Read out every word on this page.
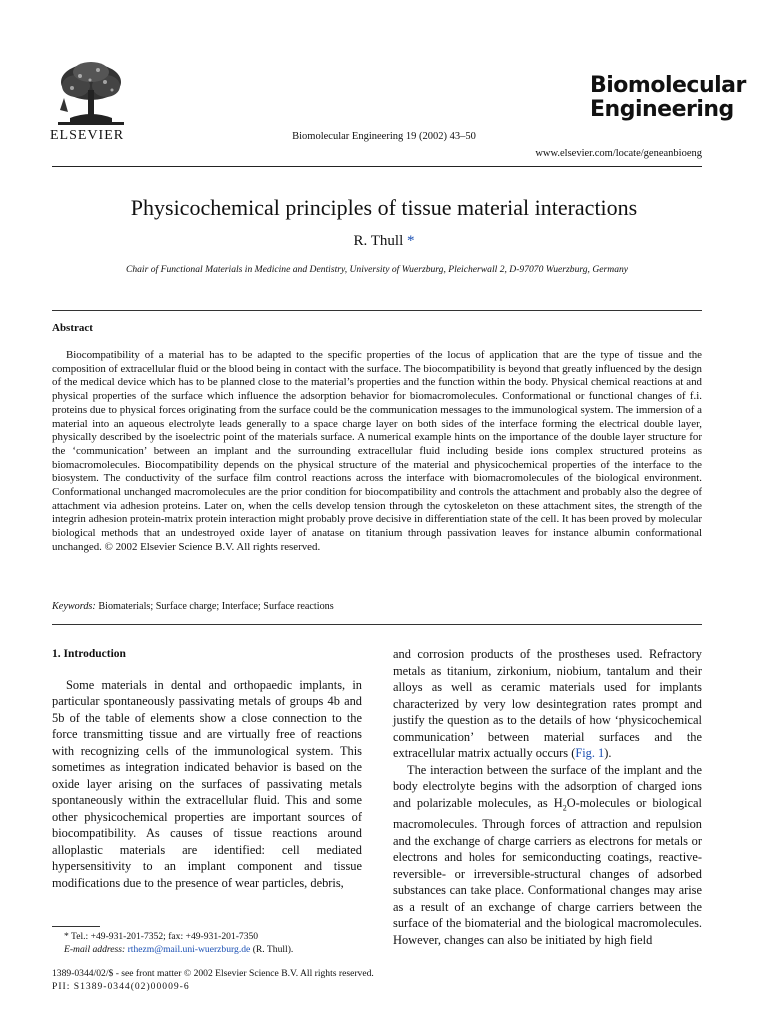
ELSEVIER	Biomolecular Engineering 19 (2002) 43–50
Biomolecular
Engineering
www.elsevier.com/locate/geneanbioeng
Physicochemical principles of tissue material interactions
R. Thull *
Chair of Functional Materials in Medicine and Dentistry, University of Wuerzburg, Pleicherwall 2, D-97070 Wuerzburg, Germany
Abstract
Biocompatibility of a material has to be adapted to the specific properties of the locus of application that are the type of tissue and the composition of extracellular fluid or the blood being in contact with the surface. The biocompatibility is beyond that greatly influenced by the design of the medical device which has to be planned close to the material’s properties and the function within the body. Physical chemical reactions at and physical properties of the surface which influence the adsorption behavior for biomacromolecules. Conformational or functional changes of f.i. proteins due to physical forces originating from the surface could be the communication messages to the immunological system. The immersion of a material into an aqueous electrolyte leads generally to a space charge layer on both sides of the interface forming the electrical double layer, physically described by the isoelectric point of the materials surface. A numerical example hints on the importance of the double layer structure for the ‘communication’ between an implant and the surrounding extracellular fluid including beside ions complex structured proteins as biomacromolecules. Biocompatibility depends on the physical structure of the material and physicochemical properties of the interface to the biosystem. The conductivity of the surface film control reactions across the interface with biomacromolecules of the biological environment. Conformational unchanged macromolecules are the prior condition for biocompatibility and controls the attachment and probably also the degree of attachment via adhesion proteins. Later on, when the cells develop tension through the cytoskeleton on these attachment sites, the strength of the integrin adhesion protein-matrix protein interaction might probably prove decisive in differentiation state of the cell. It has been proved by molecular biological methods that an undestroyed oxide layer of anatase on titanium through passivation leaves for instance albumin conformational unchanged. © 2002 Elsevier Science B.V. All rights reserved.
Keywords: Biomaterials; Surface charge; Interface; Surface reactions
1. Introduction

Some materials in dental and orthopaedic implants, in particular spontaneously passivating metals of groups 4b and 5b of the table of elements show a close connection to the force transmitting tissue and are virtually free of reactions with recognizing cells of the immunological system. This sometimes as integration indicated behavior is based on the oxide layer arising on the surfaces of passivating metals spontaneously within the extracellular fluid. This and some other physicochemical properties are important sources of biocompatibility. As causes of tissue reactions around alloplastic materials are identified: cell mediated hypersensitivity to an implant component and tissue modifications due to the presence of wear particles, debris,

and corrosion products of the prostheses used. Refractory metals as titanium, zirkonium, niobium, tantalum and their alloys as well as ceramic materials used for implants characterized by very low desintegration rates prompt and justify the question as to the details of how ‘physicochemical communication’ between material surfaces and the extracellular matrix actually occurs (Fig. 1).

The interaction between the surface of the implant and the body electrolyte begins with the adsorption of charged ions and polarizable molecules, as $H_2O$-molecules or biological macromolecules. Through forces of attraction and repulsion and the exchange of charge carriers as electrons for metals or electrons and holes for semiconducting coatings, reactive-reversible- or irreversible-structural changes of adsorbed substances can take place. Conformational changes may arise as a result of an exchange of charge carriers between the surface of the biomaterial and the biological macromolecules. However, changes can also be initiated by high field

* Tel.: +49-931-201-7352; fax: +49-931-201-7350
E-mail address: rthezm@mail.uni-wuerzburg.de (R. Thull).
1389-0344/02/$ - see front matter © 2002 Elsevier Science B.V. All rights reserved.
PII: S1389-0344(02)00009-6
